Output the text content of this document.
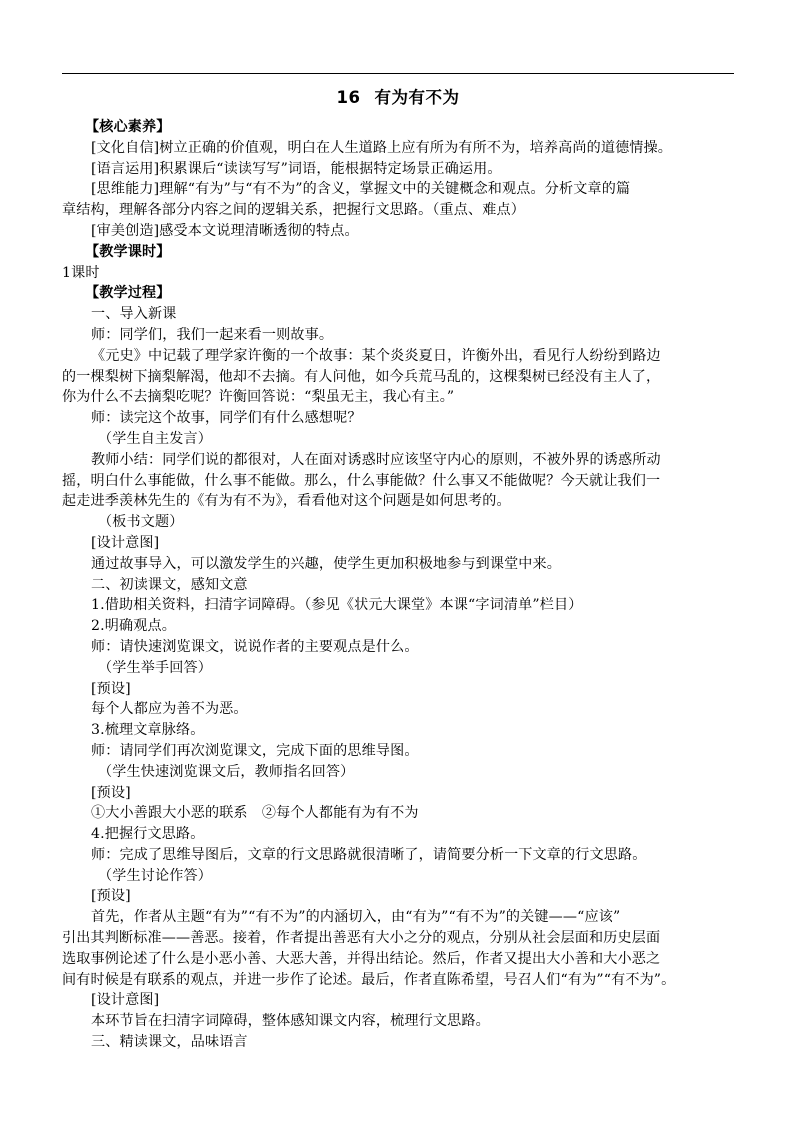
16 有为有不为
【核心素养】
[文化自信]树立正确的价值观，明白在人生道路上应有所为有所不为，培养高尚的道德情操。
[语言运用]积累课后“读读写写”词语，能根据特定场景正确运用。
[思维能力]理解“有为”与“有不为”的含义，掌握文中的关键概念和观点。分析文章的篇
章结构，理解各部分内容之间的逻辑关系，把握行文思路。（重点、难点）
[审美创造]感受本文说理清晰透彻的特点。
【教学课时】
1课时
【教学过程】
一、导入新课
师：同学们，我们一起来看一则故事。
《元史》中记载了理学家许衡的一个故事：某个炎炎夏日，许衡外出，看见行人纷纷到路边
的一棵梨树下摘梨解渴，他却不去摘。有人问他，如今兵荒马乱的，这棵梨树已经没有主人了，
你为什么不去摘梨吃呢？许衡回答说：“梨虽无主，我心有主。”
师：读完这个故事，同学们有什么感想呢？
（学生自主发言）
教师小结：同学们说的都很对，人在面对诱惑时应该坚守内心的原则，不被外界的诱惑所动
摇，明白什么事能做，什么事不能做。那么，什么事能做？什么事又不能做呢？今天就让我们一
起走进季羡林先生的《有为有不为》，看看他对这个问题是如何思考的。
（板书文题）
[设计意图]
通过故事导入，可以激发学生的兴趣，使学生更加积极地参与到课堂中来。
二、初读课文，感知文意
1.借助相关资料，扫清字词障碍。（参见《状元大课堂》本课“字词清单”栏目）
2.明确观点。
师：请快速浏览课文，说说作者的主要观点是什么。
（学生举手回答）
[预设]
每个人都应为善不为恶。
3.梳理文章脉络。
师：请同学们再次浏览课文，完成下面的思维导图。
（学生快速浏览课文后，教师指名回答）
[预设]
①大小善跟大小恶的联系　②每个人都能有为有不为
4.把握行文思路。
师：完成了思维导图后，文章的行文思路就很清晰了，请简要分析一下文章的行文思路。
（学生讨论作答）
[预设]
首先，作者从主题“有为”“有不为”的内涵切入，由“有为”“有不为”的关键——“应该”
引出其判断标准——善恶。接着，作者提出善恶有大小之分的观点，分别从社会层面和历史层面
选取事例论述了什么是小恶小善、大恶大善，并得出结论。然后，作者又提出大小善和大小恶之
间有时候是有联系的观点，并进一步作了论述。最后，作者直陈希望，号召人们“有为”“有不为”。
[设计意图]
本环节旨在扫清字词障碍，整体感知课文内容，梳理行文思路。
三、精读课文，品味语言
